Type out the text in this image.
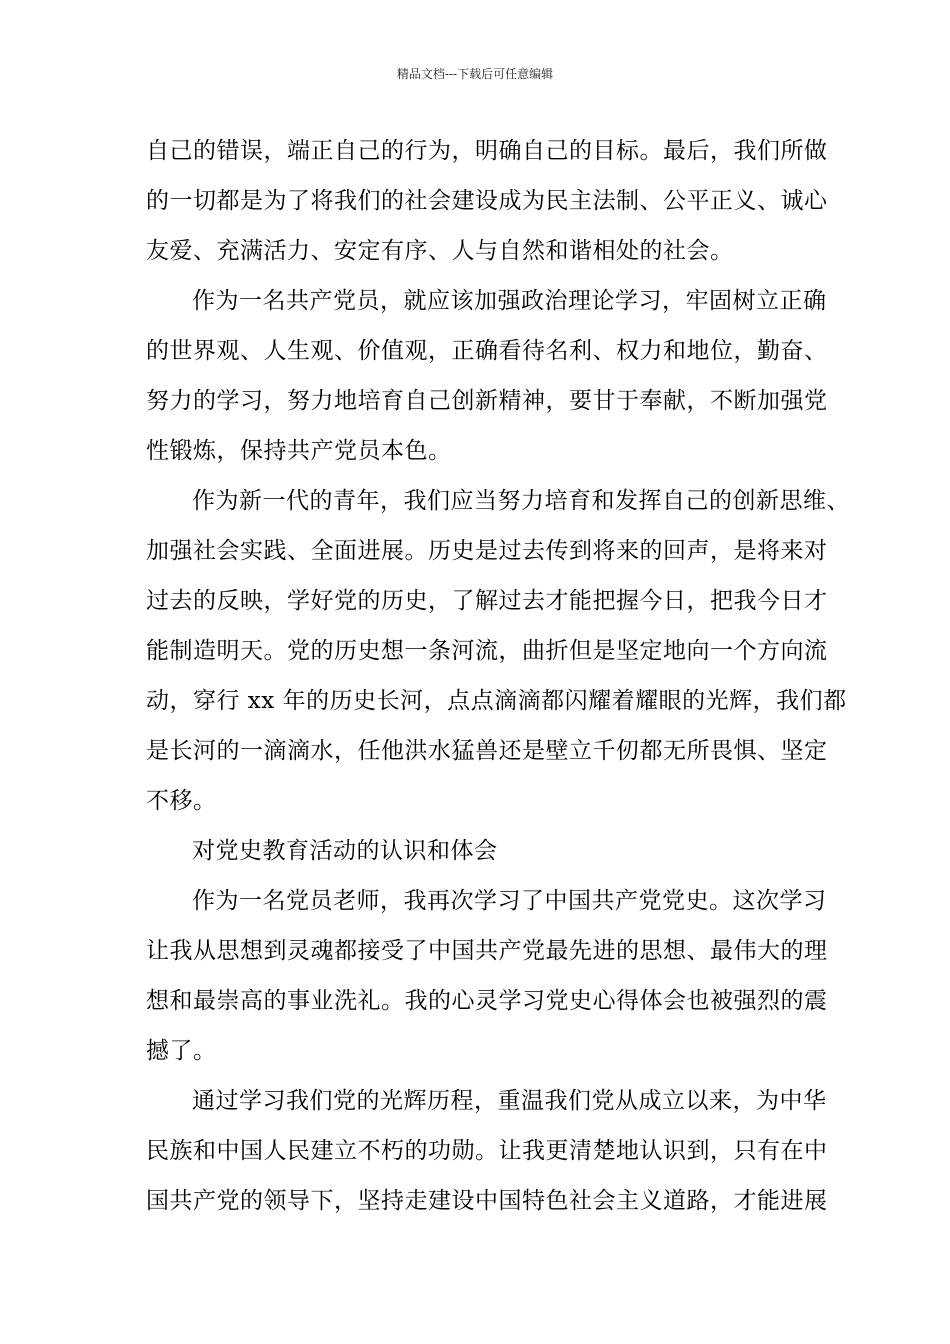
精品文档---下载后可任意编辑

自己的错误，端正自己的行为，明确自己的目标。最后，我们所做
的一切都是为了将我们的社会建设成为民主法制、公平正义、诚心
友爱、充满活力、安定有序、人与自然和谐相处的社会。

作为一名共产党员，就应该加强政治理论学习，牢固树立正确
的世界观、人生观、价值观，正确看待名利、权力和地位，勤奋、
努力的学习，努力地培育自己创新精神，要甘于奉献，不断加强党
性锻炼，保持共产党员本色。

作为新一代的青年，我们应当努力培育和发挥自己的创新思维、
加强社会实践、全面进展。历史是过去传到将来的回声，是将来对
过去的反映，学好党的历史，了解过去才能把握今日，把我今日才
能制造明天。党的历史想一条河流，曲折但是坚定地向一个方向流
动，穿行 xx 年的历史长河，点点滴滴都闪耀着耀眼的光辉，我们都
是长河的一滴滴水，任他洪水猛兽还是壁立千仞都无所畏惧、坚定
不移。

对党史教育活动的认识和体会

作为一名党员老师，我再次学习了中国共产党党史。这次学习
让我从思想到灵魂都接受了中国共产党最先进的思想、最伟大的理
想和最崇高的事业洗礼。我的心灵学习党史心得体会也被强烈的震
撼了。

通过学习我们党的光辉历程，重温我们党从成立以来，为中华
民族和中国人民建立不朽的功勋。让我更清楚地认识到，只有在中
国共产党的领导下，坚持走建设中国特色社会主义道路，才能进展
